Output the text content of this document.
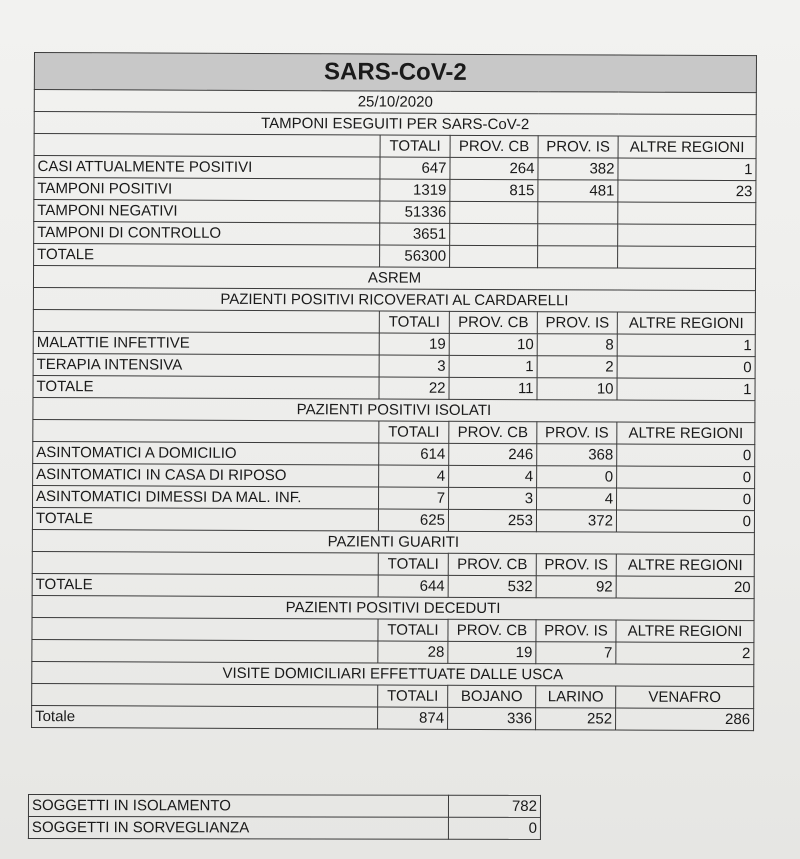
SARS-CoV-2				
25/10/2020				
TAMPONI ESEGUITI PER SARS-CoV-2				
	TOTALI	PROV. CB	PROV. IS	ALTRE REGIONI
CASI ATTUALMENTE POSITIVI	647	264	382	1
TAMPONI POSITIVI	1319	815	481	23
TAMPONI NEGATIVI	51336			
TAMPONI DI CONTROLLO	3651			
TOTALE	56300			
ASREM				
PAZIENTI POSITIVI RICOVERATI AL CARDARELLI				
	TOTALI	PROV. CB	PROV. IS	ALTRE REGIONI
MALATTIE INFETTIVE	19	10	8	1
TERAPIA INTENSIVA	3	1	2	0
TOTALE	22	11	10	1
PAZIENTI POSITIVI ISOLATI				
	TOTALI	PROV. CB	PROV. IS	ALTRE REGIONI
ASINTOMATICI A DOMICILIO	614	246	368	0
ASINTOMATICI IN CASA DI RIPOSO	4	4	0	0
ASINTOMATICI DIMESSI DA MAL. INF.	7	3	4	0
TOTALE	625	253	372	0
PAZIENTI GUARITI				
	TOTALI	PROV. CB	PROV. IS	ALTRE REGIONI
TOTALE	644	532	92	20
PAZIENTI POSITIVI DECEDUTI				
	TOTALI	PROV. CB	PROV. IS	ALTRE REGIONI
	28	19	7	2
VISITE DOMICILIARI EFFETTUATE DALLE USCA				
	TOTALI	BOJANO	LARINO	VENAFRO
Totale	874	336	252	286
SOGGETTI IN ISOLAMENTO	782
SOGGETTI IN SORVEGLIANZA	0
